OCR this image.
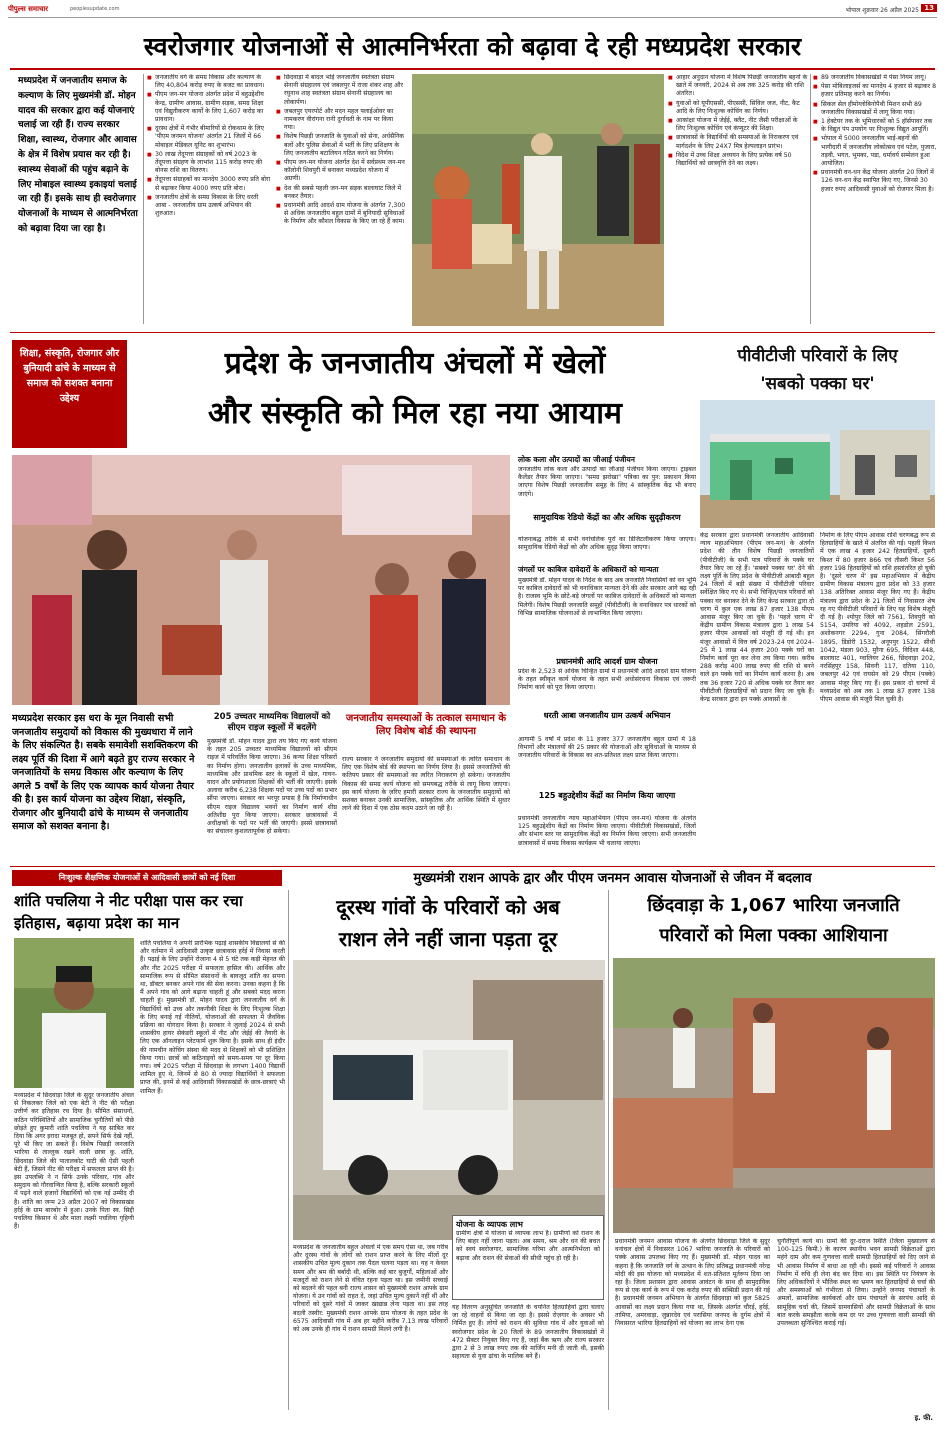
पीपुल्स समाचार	peoplesupdate.com	भोपाल शुक्रवार 26 अप्रैल 2025 13
स्वरोजगार योजनाओं से आत्मनिर्भरता को बढ़ावा दे रही मध्यप्रदेश सरकार
मध्यप्रदेश में जनजातीय समाज के कल्याण के लिए मुख्यमंत्री डॉ. मोहन यादव की सरकार द्वारा कई योजनाएं चलाई जा रही हैं। राज्य सरकार शिक्षा, स्वास्थ्य, रोजगार और आवास के क्षेत्र में विशेष प्रयास कर रही है। स्वास्थ्य सेवाओं की पहुंच बढ़ाने के लिए मोबाइल स्वास्थ्य इकाइयां चलाई जा रही हैं। इसके साथ ही स्वरोजगार योजनाओं के माध्यम से आत्मनिर्भरता को बढ़ावा दिया जा रहा है।
■ जनजातीय वर्ग के समग्र विकास और कल्याण के लिए 40,804 करोड़ रुपए के बजट का प्रावधान।
■ पीएम जन-मन योजना अंतर्गत प्रदेश में बहुउद्देशीय केन्द्र, ग्रामीण आवास, ग्रामीण सड़क, समग्र शिक्षा एवं विद्युतीकरण कार्यों के लिए 1,607 करोड़ का प्रावधान।
■ दूरस्थ क्षेत्रों में गंभीर बीमारियों से रोकथाम के लिए 'पीएम जनमन योजना' अंतर्गत 21 जिलों में 66 मोबाइल मेडिकल यूनिट का शुभारंभ।
■ 30 लाख तेंदूपत्ता संग्राहकों को वर्ष 2023 के तेंदूपत्ता संग्रहण के लाभांश 115 करोड़ रुपए की बोनस राशि का वितरण।
■ तेंदूपत्ता संग्राहकों का मानदेय 3000 रुपए प्रति बोरा से बढ़ाकर किया 4000 रुपए प्रति बोरा।
■ जनजातीय क्षेत्रों के समग्र विकास के लिए धरती आबा - जनजातीय ग्राम उत्कर्ष अभियान की शुरुआत।
■ छिंदवाड़ा में बादल भोई जनजातीय स्वतंत्रता संग्राम सेनानी संग्रहालय एवं जबलपुर में राजा शंकर शाह और रघुनाथ शाह स्वतंत्रता संग्राम सेनानी संग्रहालय का लोकार्पण।
■ जबलपुर एयरपोर्ट और मदन महल फ्लाईओवर का नामकरण वीरांगना रानी दुर्गावती के नाम पर किया गया।
■ विशेष पिछड़ी जनजाति के युवाओं को सेना, अर्धसैनिक बलों और पुलिस सेवाओं में भर्ती के लिए प्रशिक्षण के लिए जनजातीय बटालियन गठित करने का निर्णय।
■ पीएम जन-मन योजना अंतर्गत देश में सर्वप्रथम जन-मन कॉलोनी शिवपुरी में बनाकर मध्यप्रदेश योजना में अग्रणी।
■ देश की सबसे पहली जन-मन सड़क बालाघाट जिले में बनकर तैयार।
■ प्रधानमंत्री आदि आदर्श ग्राम योजना के अंतर्गत 7,300 से अधिक जनजातीय बहुल ग्रामों में बुनियादी सुविधाओं के निर्माण और कौशल विकास के किए जा रहे हैं काम।
■ आहार अनुदान योजना में विशेष पिछड़ी जनजातीय बहनों के खाते में जनवरी, 2024 से अब तक 325 करोड़ की राशि अंतरित।
■ युवाओं को यूपीएससी, पीएससी, सिविल जज, नीट, कैट आदि के लिए निःशुल्क कोचिंग का निर्णय।
■ आकांक्षा योजना में जेईई, क्लैट, नीट जैसी परीक्षाओं के लिए निःशुल्क कोचिंग एवं कंप्यूटर की शिक्षा।
■ छात्रावासों के विद्यार्थियों की समस्याओं के निराकरण एवं मार्गदर्शन के लिए 24X7 मित्र हेल्पलाइन प्रारंभ।
■ विदेश में उच्च शिक्षा अध्ययन के लिए प्रत्येक वर्ष 50 विद्यार्थियों को छात्रवृत्ति देने का लक्ष्य।
■ 89 जनजातीय विकासखंडों में पेसा नियम लागू।
■ पेसा मोबिलाइजर्स का मानदेय 4 हजार से बढ़ाकर 8 हजार प्रतिमाह करने का निर्णय।
■ सिकल सेल हीमोग्लोबिनोपैथी मिशन सभी 89 जनजातीय विकासखंडों में लागू किया गया।
■ 1 हेक्टेयर तक के भूमिधारकों को 5 हॉर्सपावर तक के विद्युत पंप उपयोग पर निःशुल्क विद्युत आपूर्ति।
■ भोपाल में 5000 जनजातीय भाई-बहनों की भागीदारी में जनजातीय लोकोत्सव एवं पटेल, पुजारा, तड़वी, भगत, भुमका, पडा, धर्मावर्य सम्मेलन हुआ आयोजित।
■ प्रधानमंत्री वन-धन केंद्र योजना अंतर्गत 20 जिलों में 126 वन-धन केंद्र स्थापित किए गए, जिनसे 30 हजार रुपए आदिवासी युवाओं को रोजगार मिला है।
शिक्षा, संस्कृति, रोजगार और बुनियादी ढांचे के माध्यम से समाज को सशक्त बनाना उद्देश्य
प्रदेश के जनजातीय अंचलों में खेलों
और संस्कृति को मिल रहा नया आयाम
पीवीटीजी परिवारों के लिए
'सबको पक्का घर'
लोक कला और उत्पादों का जीआई पंजीयन
जनजातीय लोक कला और उत्पादों का जीआई पंजीयन किया जाएगा। ट्राइबल कैलेंडर तैयार किया जाएगा। "समग्र झरोखा" पत्रिका का पुन: प्रकाशन किया जाएगा विशेष पिछड़ी जनजातीय समूह के लिए 4 सांस्कृतिक केंद्र भी बनाए जाएंगे।
सामुदायिक रेडियो केंद्रों का और अधिक सुदृढ़ीकरण
योजनाबद्ध तरीके से सभी वनांचलिक पुरों का डिजिटलीकरण किया जाएगा। सामुदायिक रेडियो केंद्रों को और अधिक सुदृढ़ किया जाएगा।
जंगलों पर काबिज दावेदारों के अधिकारों को मान्यता
मुख्यमंत्री डॉ. मोहन यादव के निर्देश के बाद अब जनजाति निवासियों को वन भूमि पर काबिज दावेदारों को भी वनाधिकार मान्यता देने की ओर सरकार आगे बढ़ रही है। राजस्व भूमि के छोटे-बड़े जंगलों पर काबिज दावेदारों के अधिकारों को मान्यता मिलेगी। विशेष पिछड़ी जनजाति समूहों (पीवीटीजी) के वनाधिकार पत्र धारकों को विभिन्न सामाजिक योजनाओं से लाभान्वित किया जाएगा।
प्रधानमंत्री आदि आदर्श ग्राम योजना
प्रदेश के 2,523 से अधिक चिन्हित ग्रामों में प्रधानमंत्री आदि आदर्श ग्राम योजना के तहत स्वीकृत कार्य योजना के तहत सभी अधोसंरचना विकास एवं जरूरी निर्माण कार्य को पूरा किया जाएगा।
धरती आबा जनजातीय ग्राम उत्कर्ष अभियान
आगामी 5 वर्षों में प्रदेश के 11 हजार 377 जनजातीय बहुल ग्रामों में 18 विभागों और मंत्रालयों की 25 प्रकार की योजनाओं और सुविधाओं के माध्यम से जनजातीय परिवारों के विकास का शत-प्रतिशत लक्ष्य प्राप्त किया जाएगा।
125 बहुउद्देशीय केंद्रों का निर्माण किया जाएगा
प्रधानमंत्री जनजातीय न्याय महाअभियान (पीएम जन-मन) योजना के अंतर्गत 125 बहुउद्देशीय केंद्रों का निर्माण किया जाएगा। पीवीटीजी विकासखंडों, जिलों और संभाग स्तर पर सामुदायिक केंद्रों का निर्माण किया जाएगा। सभी जनजातीय छात्रावासों में समग्र विकास कार्यक्रम भी चलाया जाएगा।
केंद्र सरकार द्वारा प्रधानमंत्री जनजातीय आदिवासी न्याय महाअभियान (पीएम जन-मन) के अंतर्गत प्रदेश की तीन विशेष पिछड़ी जनजातियों (पीवीटीजी) के सभी पात्र परिवारों के पक्के घर तैयार किए जा रहे हैं। 'सबको पक्का घर' देने की लक्ष्य पूर्ति के लिए प्रदेश के पीवीटीजी आबादी बहुल 24 जिलों में बड़ी संख्या में पीवीटीजी परिवार सर्वेक्षित किए गए थे। सभी चिन्हित/पात्र परिवारों को पक्का घर बनाकर देने के लिए केन्द्र सरकार द्वारा दो चरण में कुल एक लाख 87 हजार 138 पीएम आवास मंजूर किए जा चुके हैं। 'पहले चरण में' केंद्रीय ग्रामीण विकास मंत्रालय द्वारा 1 लाख 54 हजार पीएम आवासों को मंजूरी दी गई थी। इन मंजूर आवासों में वित्त वर्ष 2023-24 एवं 2024-25 में 1 लाख 44 हजार 200 पक्के घरों का निर्माण कार्य पूरा कर लेना तय किया गया। करीब 288 करोड़ 400 लाख रुपए की राशि से बनने वाले इन पक्के घरों का निर्माण कार्य करना है। अब तक 36 हजार 720 से अधिक पक्के घर तैयार कर पीवीटीजी हितग्राहियों को प्रदान किए जा चुके हैं। केन्द्र सरकार द्वारा इन पक्के आवासों के
निर्माण के लिए पीएम आवास राशि चरणबद्ध रूप से हितग्राहियों के खाते में अंतरित की गई। पहली किश्त में एक लाख 4 हजार 242 हितग्राहियों, दूसरी किश्त में 80 हजार 866 एवं तीसरी किश्त 56 हजार 198 हितग्राहियों को राशि हस्तांतरित हो चुकी है। 'दूसरे चरण में' इस महाअभियान में केंद्रीय ग्रामीण विकास मंत्रालय द्वारा प्रदेश को 33 हजार 138 अतिरिक्त आवास मंजूर किए गए हैं। केंद्रीय मंत्रालय द्वारा प्रदेश के 21 जिलों में निवासरत शेष रह गए पीवीटीजी परिवारों के लिए यह विशेष मंजूरी दी गई है। श्योपुर जिले को 7561, शिवपुरी को 5154, उमरिया को 4092, शहडोल 2591, अशोकनगर 2294, गुना 2084, सिंगरौली 1895, डिंडोरी 1532, अनूपपुर 1522, सीधी 1042, मंडला 903, मुरैना 695, विदिशा 448, बालाघाट 401, ग्वालियर 266, छिंदवाड़ा 202, नरसिंहपुर 158, सिवनी 117, दतिया 110, जबलपुर 42 एवं रायसेन को 29 पीएम (पक्के) आवास मंजूर किए गए हैं। इस प्रकार दो चरणों में मध्यप्रदेश को अब तक 1 लाख 87 हजार 138 पीएम आवास की मंजूरी मिल चुकी है।
मध्यप्रदेश सरकार इस धरा के मूल निवासी सभी जनजातीय समुदायों को विकास की मुख्यधारा में लाने के लिए संकल्पित है। सबके समावेशी सशक्तिकरण की लक्ष्य पूर्ति की दिशा में आगे बढ़ते हुए राज्य सरकार ने जनजातियों के समग्र विकास और कल्याण के लिए अगले 5 वर्षों के लिए एक व्यापक कार्य योजना तैयार की है। इस कार्य योजना का उद्देश्य शिक्षा, संस्कृति, रोजगार और बुनियादी ढांचे के माध्यम से जनजातीय समाज को सशक्त बनाना है।
205 उच्चतर माध्यमिक विद्यालयों को सीएम राइज स्कूलों में बदलेंगे
मुख्यमंत्री डॉ. मोहन यादव द्वारा तय किए गए कार्य योजना के तहत 205 उच्चतर माध्यमिक विद्यालयों को सीएम राइज में परिवर्तित किया जाएगा। 36 कन्या शिक्षा परिसरों का निर्माण होगा। जनजातीय इलाकों के उच्च माध्यमिक, माध्यमिक और प्राथमिक स्तर के स्कूलों में खेल, गायन-वादन और प्रयोगशाला शिक्षकों की भर्ती की जाएगी। इसके अलावा करीब 6,238 शिक्षक पदों पर उच्च पदों का प्रभार सौंपा जाएगा। सरकार का भरपूर प्रयास है कि निर्माणाधीन सीएम राइज विद्यालय भवनों का निर्माण कार्य शीघ्र अतिशीघ्र पूरा किया जाएगा। सरकार छात्रावासों में अधीक्षकों के पदों पर भर्ती की जाएगी। इससे छात्रावासों का संचालन कुशलतापूर्वक हो सकेगा।
जनजातीय समस्याओं के तत्काल समाधान के लिए विशेष बोर्ड की स्थापना
राज्य सरकार ने जनजातीय समुदायों की समस्याओं के त्वरित समाधान के लिए एक विशेष बोर्ड की स्थापना का निर्णय लिया है। इससे जनजातियों की कतिपय प्रकार की समस्याओं का त्वरित निराकरण हो सकेगा। जनजातीय विकास की समग्र कार्य योजना को समयबद्ध तरीके से लागू किया जाएगा। इस कार्य योजना के ज़रिए हमारी सरकार राज्य के जनजातीय समुदायों को सशक्त बनाकर उनकी सामाजिक, सांस्कृतिक और आर्थिक स्थिति में सुधार लाने की दिशा में एक ठोस कदम उठाने जा रही है।
निःशुल्क शैक्षणिक योजनाओं से आदिवासी छात्रों को नई दिशा	मुख्यमंत्री राशन आपके द्वार और पीएम जनमन आवास योजनाओं से जीवन में बदलाव
शांति पचलिया ने नीट परीक्षा पास कर रचा इतिहास, बढ़ाया प्रदेश का मान
मध्यप्रदेश में छिंदवाड़ा जिले के सुदूर जनजातीय अंचल से निकलकर जिले को एक बेटी ने नीट की परीक्षा उत्तीर्ण कर इतिहास रच दिया है। सीमित संसाधनों, कठिन परिस्थितियों और सामाजिक चुनौतियों को पीछे छोड़ते हुए कुमारी शांति पचलिया ने यह साबित कर दिया कि अगर इरादा मजबूत हो, सपने सिर्फ देखे नहीं, पूरे भी किए जा सकते हैं। विशेष पिछड़ी जनजाति भारिया से ताल्लुक रखने वाली छात्रा कु. शांति, छिंदवाड़ा जिले की पातालकोट घाटी की ऐसी पहली बेटी हैं, जिसने नीट की परीक्षा में सफलता प्राप्त की है। इस उपलब्धि ने न सिर्फ उनके परिवार, गांव और समुदाय को गौरवान्वित किया है, बल्कि सरकारी स्कूलों में पढ़ने वाले हजारों विद्यार्थियों को एक नई उम्मीद दी है। शांति का जन्म 23 अप्रैल 2007 को विकासखंड हर्रई के ग्राम बारबोर में हुआ। उनके पिता स्व. सिद्दी पचलिया किसान थे और माता लक्ष्मी पचलिया गृहिणी हैं।
शांति पचलिया ने अपनी प्रारंभिक पढ़ाई शासकीय विद्यालयों से की और वर्तमान में आदिवासी उत्कृष्ट छात्रावास हर्रई में निवास करती हैं। पढ़ाई के लिए उन्होंने रोजाना 4 से 5 घंटे तक कड़ी मेहनत की और नीट 2025 परीक्षा में सफलता हासिल की। आर्थिक और सामाजिक रूप से सीमित संसाधनों के बावजूद शांति का सपना था, डॉक्टर बनकर अपने गांव की सेवा करना। उनका कहना है कि मैं अपने गांव को आगे बढ़ाना चाहती हूं और सबको मदद करना चाहती हूं। मुख्यमंत्री डॉ. मोहन यादव द्वारा जनजातीय वर्ग के विद्यार्थियों को उच्च और तकनीकी शिक्षा के लिए निःशुल्क शिक्षा के लिए बनाई गई नीतियों, योजनाओं की सफलता में जैवविक प्रक्रिया का योगदान किया है। सरकार ने जुलाई 2024 से सभी शासकीय हायर सेकंडरी स्कूलों में नीट और जेईई की तैयारी के लिए एक ऑनलाइन प्लेटफार्म शुरू किया है। इसके साथ ही इंदौर की नामचीन कोचिंग संस्था की मदद से शिक्षकों को भी प्रशिक्षित किया गया। छात्रों को कठिनाइयों को समय-समय पर दूर किया गया। वर्ष 2025 परीक्षा में छिंदवाड़ा के लगभग 1400 विद्यार्थी शामिल हुए थे, जिनमें से 80 से ज्यादा विद्यार्थियों ने सफलता प्राप्त की, इनमें से कई आदिवासी विकासखंडों के छात्र-छात्राएं भी शामिल हैं।
दूरस्थ गांवों के परिवारों को अब
राशन लेने नहीं जाना पड़ता दूर
योजना के व्यापक लाभ
ग्रामीण क्षेत्रों में योजना से व्यापक लाभ है। ग्रामीणों को राशन के लिए बाहर नहीं जाना पड़ता। अब समय, श्रम और धन की बचत को स्वयं स्वरोजगार, सामाजिक गरिमा और आत्मनिर्भरता को बढ़ावा और राशन की सेवाओं की सीधी पहुंच हो रही है।
मध्यप्रदेश के जनजातीय बहुल अंचलों में एक समय ऐसा था, जब गरीब और दूरस्थ गांवों के लोगों को राशन प्राप्त करने के लिए मीलों दूर शासकीय उचित मूल्य दुकान तक पैदल चलना पड़ता था। यह न केवल समय और श्रम की बर्बादी थी, बल्कि कई बार बुजुर्गों, महिलाओं और मजदूरों को राशन लेने से वंचित रहना पड़ता था। इस जमीनी सच्चाई को बदलने की पहल बनी राज्य शासन को मुख्यमंत्री राशन आपके ग्राम योजना। ये उन गांवों को राहत दे, जहां उचित मूल्य दुकानें नहीं थीं और परिवारों को दूसरे गांवों में जाकर खाद्यान्न लेना पड़ता था। इस तरह बदली तस्वीर: मुख्यमंत्री राशन आपके ग्राम योजना के तहत प्रदेश के 6575 आदिवासी गांव में अब हर महीने करीब 7.13 लाख परिवारों को अब उनके ही गांव में राशन सामग्री मिलने लगी है।
यह वितरण अनुसूचित जनजाति के चयनित हितग्राहियों द्वारा चलाए जा रहे वाहनों से किया जा रहा है। इससे रोज़गार के अवसर भी निर्मित हुए हैं। लोगों को राशन की सुविधा गांव में और युवाओं को स्वरोजगार प्रदेश के 20 जिलों के 89 जनजातीय विकासखंडों में 472 सैक्टर नियुक्त किए गए हैं, जहां बैंक ऋण और राज्य सरकार द्वारा 2 से 3 लाख रुपए तक की मार्जिन मनी दी जाती थी, इसकी सहायता से युवा ढांचा के मालिक बने हैं।
छिंदवाड़ा के 1,067 भारिया जनजाति
परिवारों को मिला पक्का आशियाना
प्रधानमंत्री जनमन आवास योजना के अंतर्गत छिंदवाड़ा जिले के सुदूर वनांचल क्षेत्रों में निवासरत 1067 भारिया जनजाति के परिवारों को पक्के आवास उपलब्ध किए गए हैं। मुख्यमंत्री डॉ. मोहन यादव का कहना है कि जनजाति वर्ग के उत्थान के लिए प्रतिबद्ध प्रधानमंत्री नरेन्द्र मोदी की इस योजना को मध्यप्रदेश में शत-प्रतिशत मूर्तरूप दिया जा रहा है। जिला प्रशासन द्वारा आवास आवंटन के साथ ही सामुदायिक रूप से एक कार्य के रूप में एक करोड़ रुपए की सब्सिडी प्रदान की गई है। प्रधानमंत्री जनमन अभियान के अंतर्गत छिंदवाड़ा को कुल 5825 आवासों का लक्ष्य प्रदान किया गया था, जिसके अंतर्गत चौरई, हर्रई, तामिया, अमरवाड़ा, जुन्नारदेव एवं परासिया जनपद के दुर्गम क्षेत्रों में निवासरत भारिया हितग्राहियों को योजना का लाभ देना एक
चुनौतीपूर्ण कार्य था। ग्रामों की दूर-दराज स्थिति (जिला मुख्यालय से 100-125 किमी.) के कारण स्थानीय भवन सामग्री विक्रेताओं द्वारा महंगे दाम और कम गुणवत्ता वाली सामग्री हितग्राहियों को दिए जाने से भी आवास निर्माण में बाधा आ रही थी। इससे कई परिवारों ने आवास निर्माण में रुचि ही लेना बंद कर दिया था। इस स्थिति पर नियंत्रण के लिए अधिकारियों ने भौतिक स्थल का भ्रमण कर हितग्राहियों से चर्चा की और समस्याओं को गंभीरता से लिया। उन्होंने जनपद पंचायतों के अमलों, सामाजिक कार्यकर्ता और ग्राम पंचायतों के सरपंच आदि से सामूहिक चर्चा की, जिसमें ग्रामवासियों और सामग्री विक्रेताओं के साथ बात करके समझौता करके कम दर पर उच्च गुणवत्ता वाली सामग्री की उपलब्धता सुनिश्चित कराई गई।
इ. फी.
